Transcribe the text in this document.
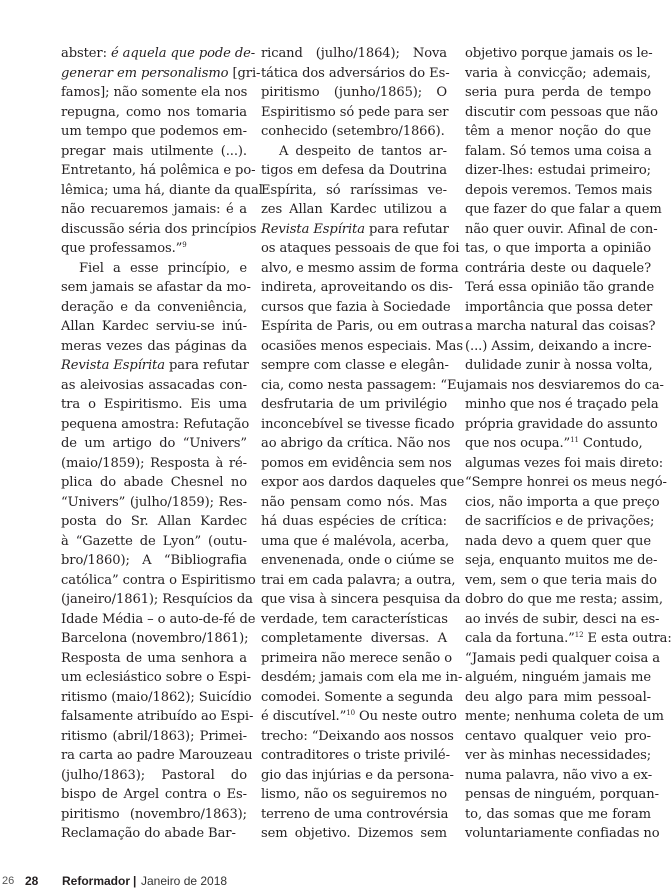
abster: é aquela que pode de-
generar em personalismo [gri-
famos]; não somente ela nos
repugna, como nos tomaria
um tempo que podemos em-
pregar mais utilmente (...).
Entretanto, há polêmica e po-
lêmica; uma há, diante da qual
não recuaremos jamais: é a
discussão séria dos princípios
que professamos.”$^9$
Fiel a esse princípio, e
sem jamais se afastar da mo-
deração e da conveniência,
Allan Kardec serviu-se inú-
meras vezes das páginas da
Revista Espírita para refutar
as aleivosias assacadas con-
tra o Espiritismo. Eis uma
pequena amostra: Refutação
de um artigo do “Univers”
(maio/1859); Resposta à ré-
plica do abade Chesnel no
“Univers” (julho/1859); Res-
posta do Sr. Allan Kardec
à “Gazette de Lyon” (outu-
bro/1860); A “Bibliografia
católica” contra o Espiritismo
(janeiro/1861); Resquícios da
Idade Média – o auto-de-fé de
Barcelona (novembro/1861);
Resposta de uma senhora a
um eclesiástico sobre o Espi-
ritismo (maio/1862); Suicídio
falsamente atribuído ao Espi-
ritismo (abril/1863); Primei-
ra carta ao padre Marouzeau
(julho/1863); Pastoral do
bispo de Argel contra o Es-
piritismo (novembro/1863);
Reclamação do abade Bar-
ricand (julho/1864); Nova
tática dos adversários do Es-
piritismo (junho/1865); O
Espiritismo só pede para ser
conhecido (setembro/1866).
A despeito de tantos ar-
tigos em defesa da Doutrina
Espírita, só raríssimas ve-
zes Allan Kardec utilizou a
Revista Espírita para refutar
os ataques pessoais de que foi
alvo, e mesmo assim de forma
indireta, aproveitando os dis-
cursos que fazia à Sociedade
Espírita de Paris, ou em outras
ocasiões menos especiais. Mas
sempre com classe e elegân-
cia, como nesta passagem: “Eu
desfrutaria de um privilégio
inconcebível se tivesse ficado
ao abrigo da crítica. Não nos
pomos em evidência sem nos
expor aos dardos daqueles que
não pensam como nós. Mas
há duas espécies de crítica:
uma que é malévola, acerba,
envenenada, onde o ciúme se
trai em cada palavra; a outra,
que visa à sincera pesquisa da
verdade, tem características
completamente diversas. A
primeira não merece senão o
desdém; jamais com ela me in-
comodei. Somente a segunda
é discutível.”$^{10}$ Ou neste outro
trecho: “Deixando aos nossos
contraditores o triste privilé-
gio das injúrias e da persona-
lismo, não os seguiremos no
terreno de uma controvérsia
sem objetivo. Dizemos sem
objetivo porque jamais os le-
varia à convicção; ademais,
seria pura perda de tempo
discutir com pessoas que não
têm a menor noção do que
falam. Só temos uma coisa a
dizer-lhes: estudai primeiro;
depois veremos. Temos mais
que fazer do que falar a quem
não quer ouvir. Afinal de con-
tas, o que importa a opinião
contrária deste ou daquele?
Terá essa opinião tão grande
importância que possa deter
a marcha natural das coisas?
(...) Assim, deixando a incre-
dulidade zunir à nossa volta,
jamais nos desviaremos do ca-
minho que nos é traçado pela
própria gravidade do assunto
que nos ocupa.”$^{11}$ Contudo,
algumas vezes foi mais direto:
“Sempre honrei os meus negó-
cios, não importa a que preço
de sacrifícios e de privações;
nada devo a quem quer que
seja, enquanto muitos me de-
vem, sem o que teria mais do
dobro do que me resta; assim,
ao invés de subir, desci na es-
cala da fortuna.”$^{12}$ E esta outra:
“Jamais pedi qualquer coisa a
alguém, ninguém jamais me
deu algo para mim pessoal-
mente; nenhuma coleta de um
centavo qualquer veio pro-
ver às minhas necessidades;
numa palavra, não vivo a ex-
pensas de ninguém, porquan-
to, das somas que me foram
voluntariamente confiadas no
26 28 Reformador | Janeiro de 2018
